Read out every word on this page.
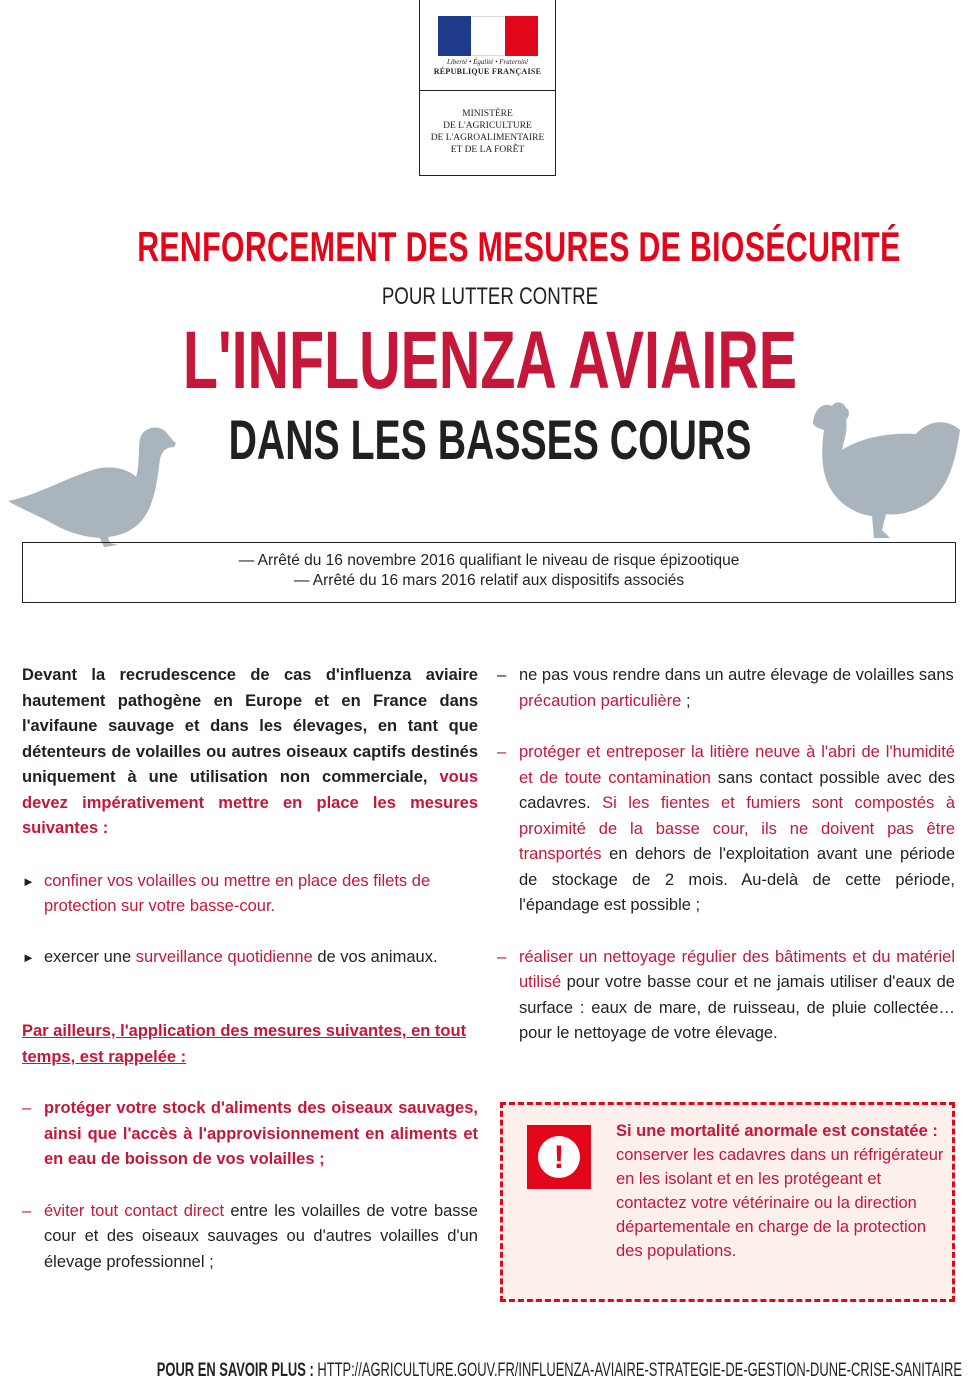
Liberté • Égalité • Fraternité
RÉPUBLIQUE FRANÇAISE
MINISTÈRE
DE L'AGRICULTURE
DE L'AGROALIMENTAIRE
ET DE LA FORÊT
RENFORCEMENT DES MESURES DE BIOSÉCURITÉ
POUR LUTTER CONTRE
L'INFLUENZA AVIAIRE
DANS LES BASSES COURS
— Arrêté du 16 novembre 2016 qualifiant le niveau de risque épizootique
— Arrêté du 16 mars 2016 relatif aux dispositifs associés
Devant la recrudescence de cas d'influenza aviaire hautement pathogène en Europe et en France dans l'avifaune sauvage et dans les élevages, en tant que détenteurs de volailles ou autres oiseaux captifs destinés uniquement à une utilisation non commerciale, vous devez impérativement mettre en place les mesures suivantes :
► confiner vos volailles ou mettre en place des filets de protection sur votre basse-cour.
► exercer une surveillance quotidienne de vos animaux.
Par ailleurs, l'application des mesures suivantes, en tout temps, est rappelée :
– protéger votre stock d'aliments des oiseaux sauvages, ainsi que l'accès à l'approvisionnement en aliments et en eau de boisson de vos volailles ;
– éviter tout contact direct entre les volailles de votre basse cour et des oiseaux sauvages ou d'autres volailles d'un élevage professionnel ;
– ne pas vous rendre dans un autre élevage de volailles sans précaution particulière ;
– protéger et entreposer la litière neuve à l'abri de l'humidité et de toute contamination sans contact possible avec des cadavres. Si les fientes et fumiers sont compostés à proximité de la basse cour, ils ne doivent pas être transportés en dehors de l'exploitation avant une période de stockage de 2 mois. Au-delà de cette période, l'épandage est possible ;
– réaliser un nettoyage régulier des bâtiments et du matériel utilisé pour votre basse cour et ne jamais utiliser d'eaux de surface : eaux de mare, de ruisseau, de pluie collectée… pour le nettoyage de votre élevage.
!
Si une mortalité anormale est constatée : conserver les cadavres dans un réfrigérateur en les isolant et en les protégeant et contactez votre vétérinaire ou la direction départementale en charge de la protection des populations.
POUR EN SAVOIR PLUS : HTTP://AGRICULTURE.GOUV.FR/INFLUENZA-AVIAIRE-STRATEGIE-DE-GESTION-DUNE-CRISE-SANITAIRE
